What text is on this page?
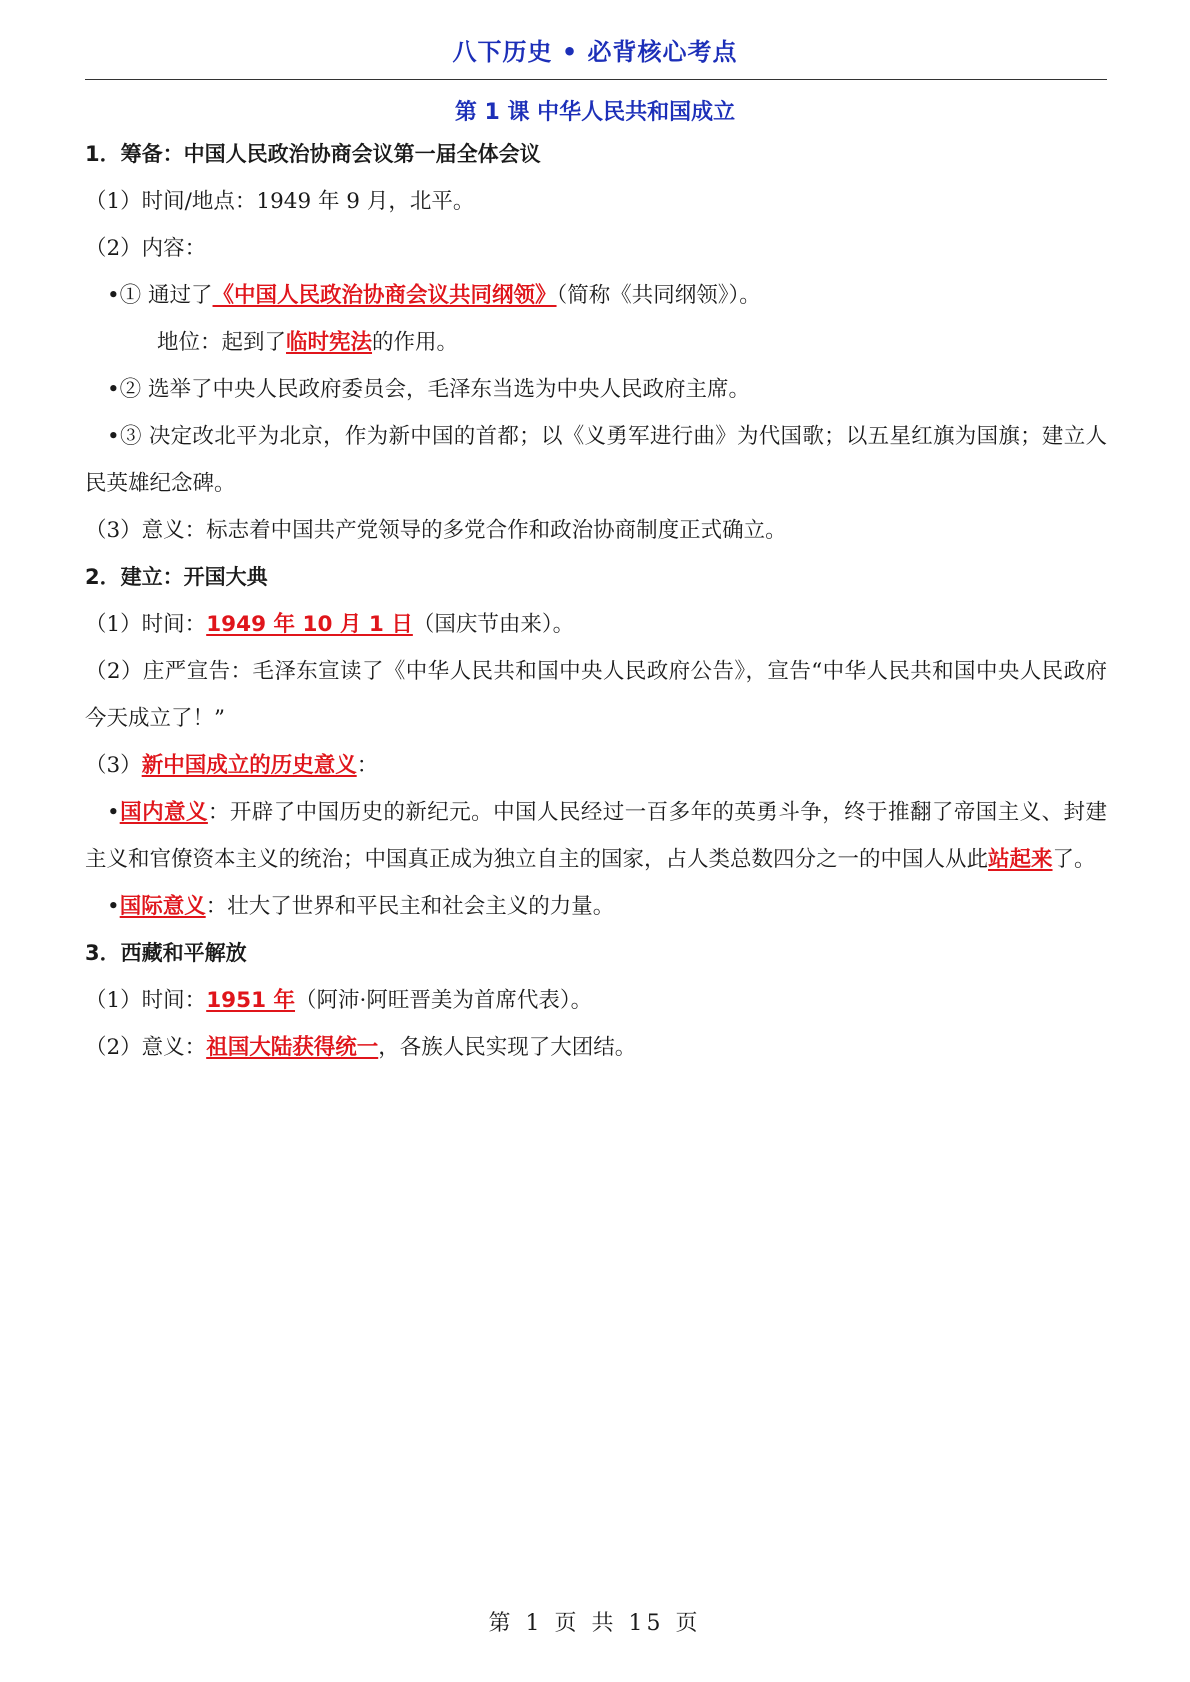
八下历史 • 必背核心考点
第 1 课 中华人民共和国成立
1．筹备：中国人民政治协商会议第一届全体会议
（1）时间/地点：1949 年 9 月，北平。
（2）内容：
•① 通过了《中国人民政治协商会议共同纲领》（简称《共同纲领》）。
地位：起到了临时宪法的作用。
•② 选举了中央人民政府委员会，毛泽东当选为中央人民政府主席。
•③ 决定改北平为北京，作为新中国的首都；以《义勇军进行曲》为代国歌；以五星红旗为国旗；建立人民英雄纪念碑。
（3）意义：标志着中国共产党领导的多党合作和政治协商制度正式确立。
2．建立：开国大典
（1）时间：1949 年 10 月 1 日（国庆节由来）。
（2）庄严宣告：毛泽东宣读了《中华人民共和国中央人民政府公告》，宣告“中华人民共和国中央人民政府今天成立了！”
（3）新中国成立的历史意义：
•国内意义：开辟了中国历史的新纪元。中国人民经过一百多年的英勇斗争，终于推翻了帝国主义、封建主义和官僚资本主义的统治；中国真正成为独立自主的国家，占人类总数四分之一的中国人从此站起来了。
•国际意义：壮大了世界和平民主和社会主义的力量。
3．西藏和平解放
（1）时间：1951 年（阿沛·阿旺晋美为首席代表）。
（2）意义：祖国大陆获得统一，各族人民实现了大团结。
第 1 页 共 15 页
